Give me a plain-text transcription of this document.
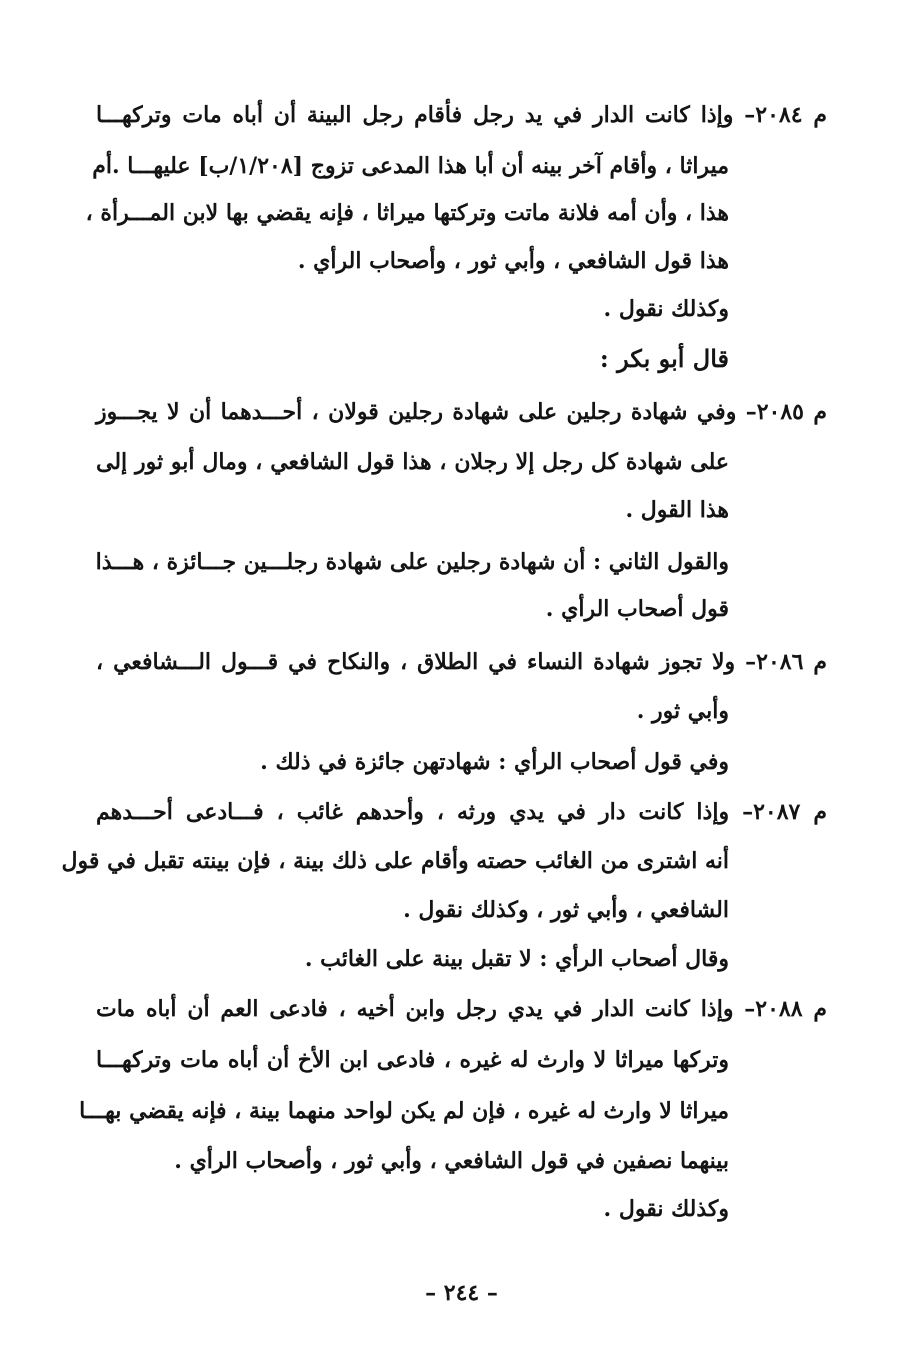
م ٢٠٨٤– وإذا كانت الدار في يد رجل فأقام رجل البينة أن أباه مات وتركهـــا
ميراثا ، وأقام آخر بينه أن أبا هذا المدعى تزوج [١/٢٠٨/ب] عليهـــا .أم
هذا ، وأن أمه فلانة ماتت وتركتها ميراثا ، فإنه يقضي بها لابن المـــرأة ،
هذا قول الشافعي ، وأبي ثور ، وأصحاب الرأي .
وكذلك نقول .
قال أبو بكر :
م ٢٠٨٥– وفي شهادة رجلين على شهادة رجلين قولان ، أحـــدهما أن لا يجـــوز
على شهادة كل رجل إلا رجلان ، هذا قول الشافعي ، ومال أبو ثور إلى
هذا القول .
والقول الثاني : أن شهادة رجلين على شهادة رجلـــين جـــائزة ، هـــذا
قول أصحاب الرأي .
م ٢٠٨٦– ولا تجوز شهادة النساء في الطلاق ، والنكاح في قـــول الـــشافعي ،
وأبي ثور .
وفي قول أصحاب الرأي : شهادتهن جائزة في ذلك .
م ٢٠٨٧– وإذا كانت دار في يدي ورثه ، وأحدهم غائب ، فـــادعى أحـــدهم
أنه اشترى من الغائب حصته وأقام على ذلك بينة ، فإن بينته تقبل في قول
الشافعي ، وأبي ثور ، وكذلك نقول .
وقال أصحاب الرأي : لا تقبل بينة على الغائب .
م ٢٠٨٨– وإذا كانت الدار في يدي رجل وابن أخيه ، فادعى العم أن أباه مات
وتركها ميراثا لا وارث له غيره ، فادعى ابن الأخ أن أباه مات وتركهـــا
ميراثا لا وارث له غيره ، فإن لم يكن لواحد منهما بينة ، فإنه يقضي بهـــا
بينهما نصفين في قول الشافعي ، وأبي ثور ، وأصحاب الرأي .
وكذلك نقول .
– ٢٤٤ –
